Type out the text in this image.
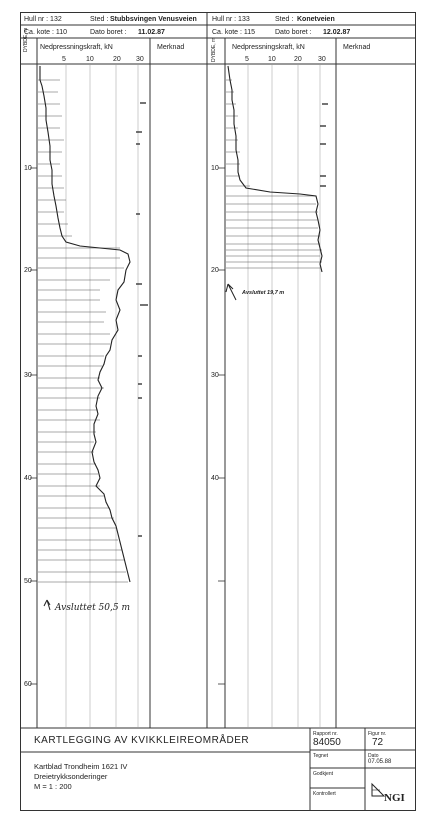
Hull nr : 132	Sted : Stubbsvingen Venusveien
Ca. kote : 110	Dato boret : 11.02.87
DYBDE, m Nedpressningskraft, kN	Merknad
5	10	20 30
Hull nr : 133	Sted : Konetveien
Ca. kote : 115	Dato boret : 12.02.87
DYBDE, m Nedpressningskraft, kN	Merknad
5	10	20 30
10
20
30
40
50
60
10
20
30
40
Avsluttet 50,5 m
Avsluttet 19,7 m
KARTLEGGING AV KVIKKLEIREOMRÅDER
Kartblad Trondheim 1621 IV
Dreietrykksonderinger
M = 1 : 200
Rapport nr.
84050
Figur nr.
72
Tegnet	Dato
07.05.88
Godkjent
Kontrollert	NGI
